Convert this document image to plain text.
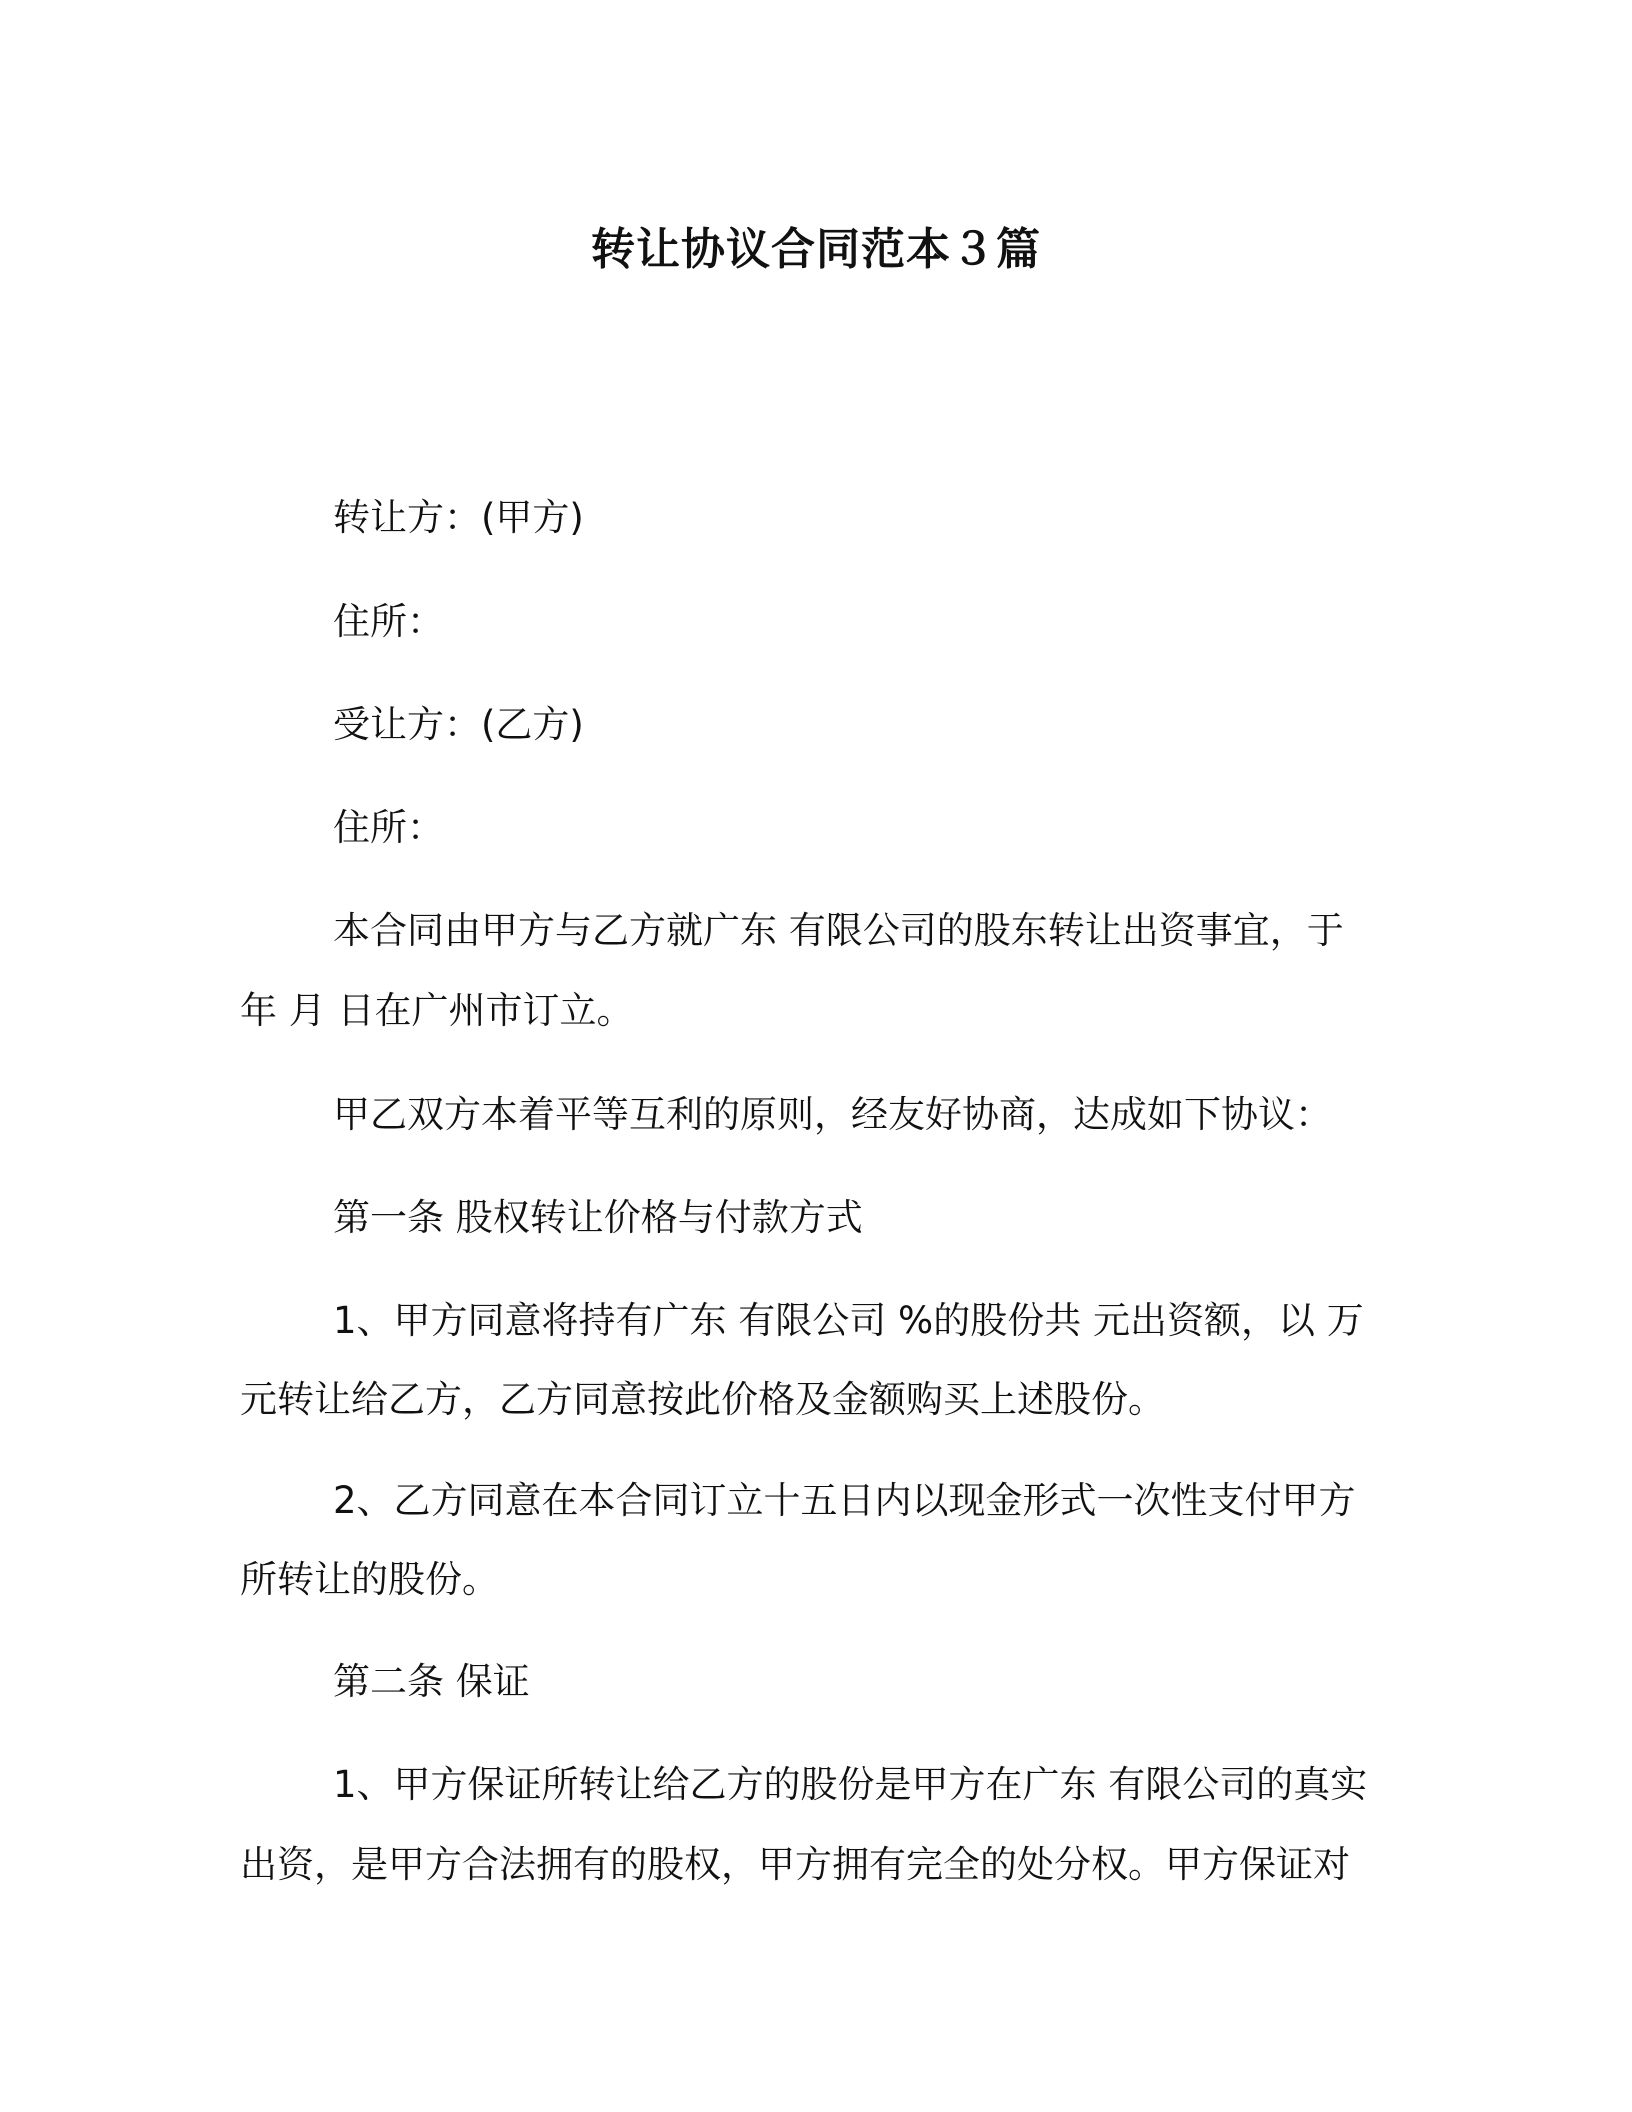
转让协议合同范本３篇

转让方：(甲方)

住所：

受让方：(乙方)

住所：

本合同由甲方与乙方就广东 有限公司的股东转让出资事宜，于

年 月 日在广州市订立。

甲乙双方本着平等互利的原则，经友好协商，达成如下协议：

第一条 股权转让价格与付款方式

1、甲方同意将持有广东 有限公司 %的股份共 元出资额，以 万

元转让给乙方，乙方同意按此价格及金额购买上述股份。

2、乙方同意在本合同订立十五日内以现金形式一次性支付甲方

所转让的股份。

第二条 保证

1、甲方保证所转让给乙方的股份是甲方在广东 有限公司的真实

出资，是甲方合法拥有的股权，甲方拥有完全的处分权。甲方保证对
